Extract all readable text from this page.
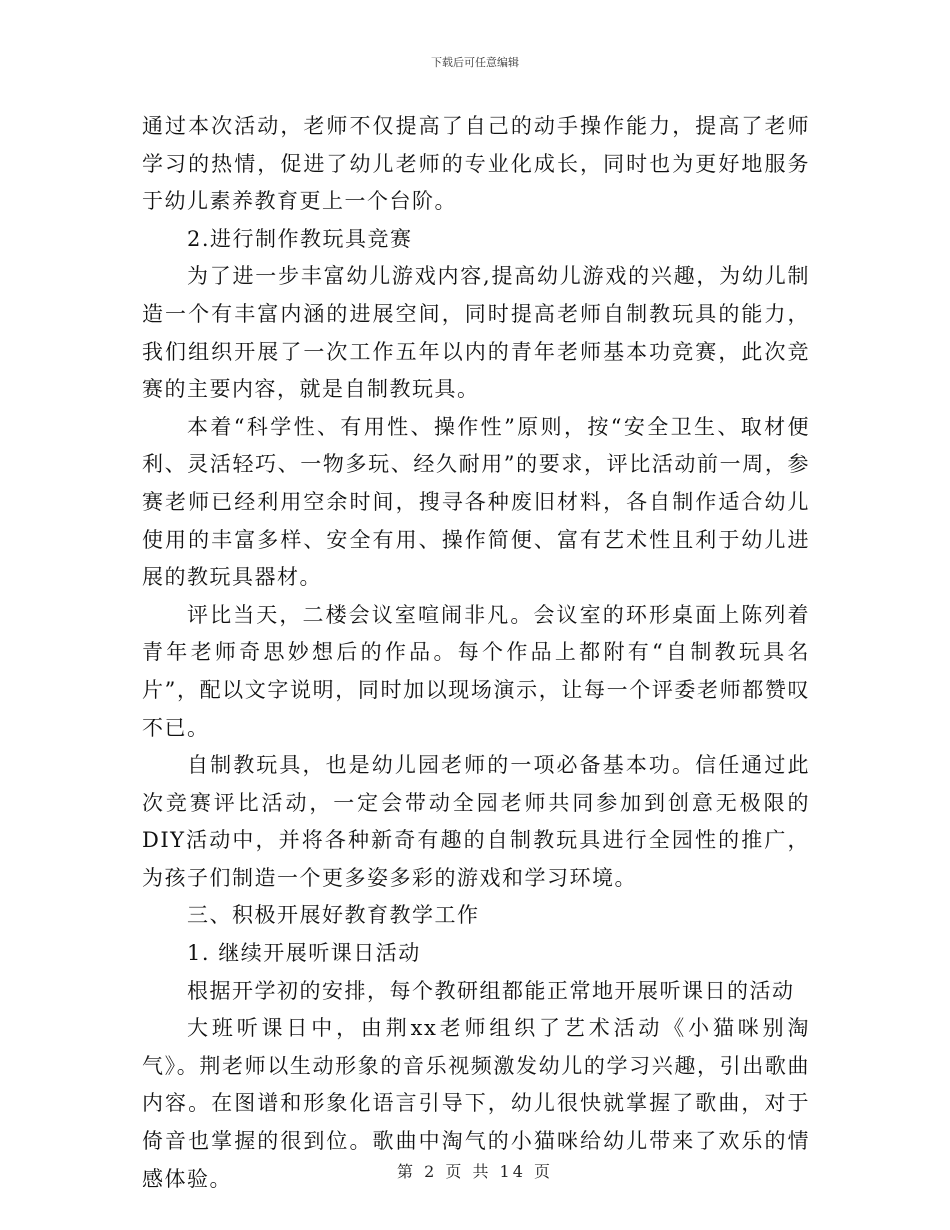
下载后可任意编辑

通过本次活动，老师不仅提高了自己的动手操作能力，提高了老师学习的热情，促进了幼儿老师的专业化成长，同时也为更好地服务于幼儿素养教育更上一个台阶。

2.进行制作教玩具竞赛

为了进一步丰富幼儿游戏内容,提高幼儿游戏的兴趣，为幼儿制造一个有丰富内涵的进展空间，同时提高老师自制教玩具的能力，我们组织开展了一次工作五年以内的青年老师基本功竞赛，此次竞赛的主要内容，就是自制教玩具。

本着“科学性、有用性、操作性”原则，按“安全卫生、取材便利、灵活轻巧、一物多玩、经久耐用”的要求，评比活动前一周，参赛老师已经利用空余时间，搜寻各种废旧材料，各自制作适合幼儿使用的丰富多样、安全有用、操作简便、富有艺术性且利于幼儿进展的教玩具器材。

评比当天，二楼会议室喧闹非凡。会议室的环形桌面上陈列着青年老师奇思妙想后的作品。每个作品上都附有“自制教玩具名片”，配以文字说明，同时加以现场演示，让每一个评委老师都赞叹不已。

自制教玩具，也是幼儿园老师的一项必备基本功。信任通过此次竞赛评比活动，一定会带动全园老师共同参加到创意无极限的DIY活动中，并将各种新奇有趣的自制教玩具进行全园性的推广，为孩子们制造一个更多姿多彩的游戏和学习环境。

三、积极开展好教育教学工作

1. 继续开展听课日活动

根据开学初的安排，每个教研组都能正常地开展听课日的活动

大班听课日中，由荆xx老师组织了艺术活动《小猫咪别淘气》。荆老师以生动形象的音乐视频激发幼儿的学习兴趣，引出歌曲内容。在图谱和形象化语言引导下，幼儿很快就掌握了歌曲，对于倚音也掌握的很到位。歌曲中淘气的小猫咪给幼儿带来了欢乐的情感体验。	第 2 页 共 14 页
